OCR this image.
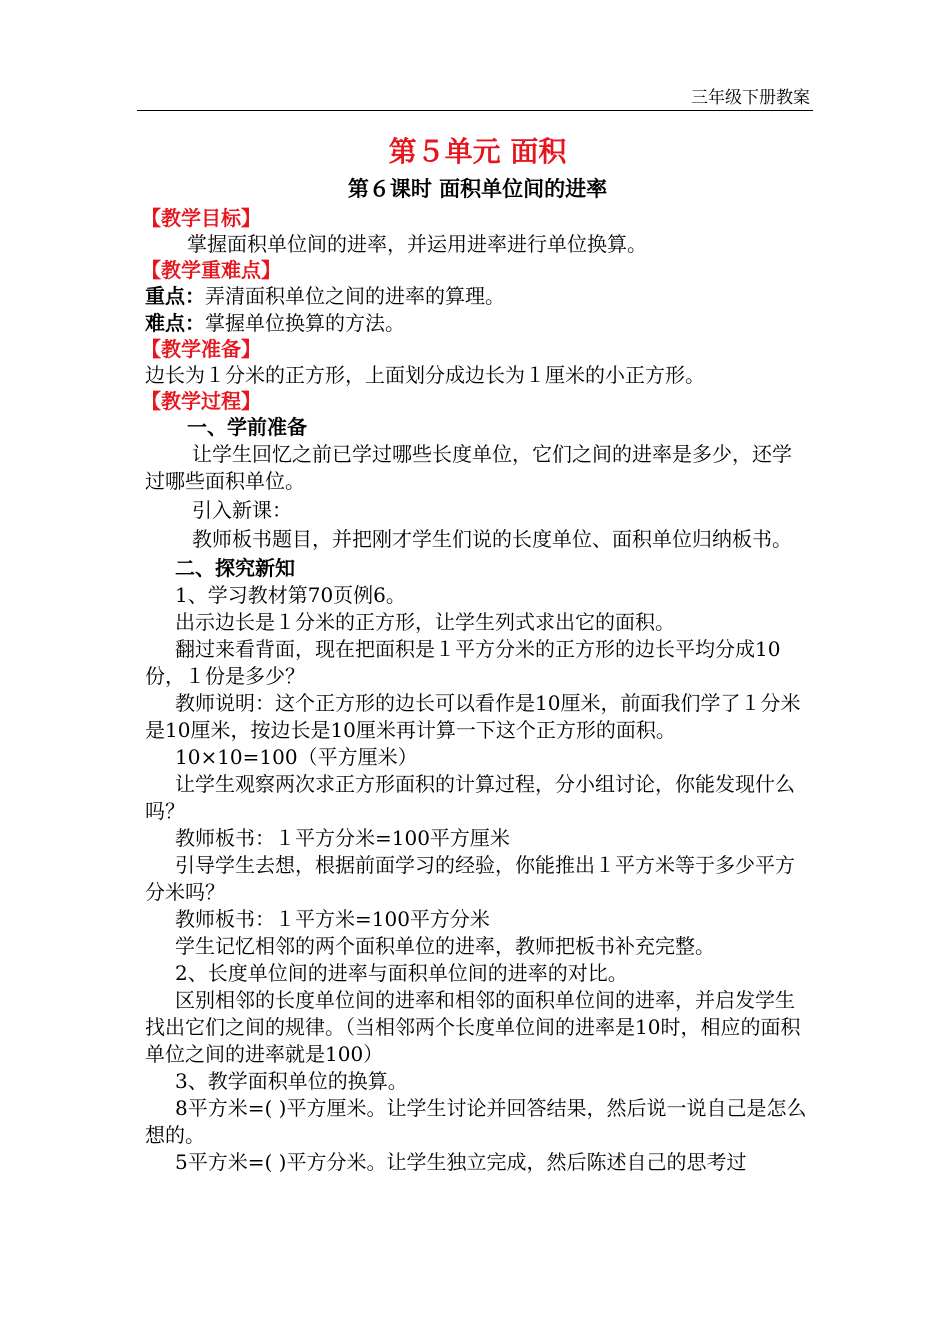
三年级下册教案

第５单元 面积

第６课时 面积单位间的进率

【教学目标】

掌握面积单位间的进率，并运用进率进行单位换算。

【教学重难点】

重点：弄清面积单位之间的进率的算理。

难点：掌握单位换算的方法。

【教学准备】

边长为１分米的正方形，上面划分成边长为１厘米的小正方形。

【教学过程】

一、学前准备

让学生回忆之前已学过哪些长度单位，它们之间的进率是多少，还学过哪些面积单位。

引入新课：

教师板书题目，并把刚才学生们说的长度单位、面积单位归纳板书。

二、探究新知

1、学习教材第70页例6。

出示边长是１分米的正方形，让学生列式求出它的面积。

翻过来看背面，现在把面积是１平方分米的正方形的边长平均分成10份，１份是多少？

教师说明：这个正方形的边长可以看作是10厘米，前面我们学了１分米是10厘米，按边长是10厘米再计算一下这个正方形的面积。

10×10=100（平方厘米）

让学生观察两次求正方形面积的计算过程，分小组讨论，你能发现什么吗？

教师板书：１平方分米=100平方厘米

引导学生去想，根据前面学习的经验，你能推出１平方米等于多少平方分米吗？

教师板书：１平方米=100平方分米

学生记忆相邻的两个面积单位的进率，教师把板书补充完整。

2、长度单位间的进率与面积单位间的进率的对比。

区别相邻的长度单位间的进率和相邻的面积单位间的进率，并启发学生找出它们之间的规律。（当相邻两个长度单位间的进率是10时，相应的面积单位之间的进率就是100）

3、教学面积单位的换算。

8平方米=( )平方厘米。让学生讨论并回答结果，然后说一说自己是怎么想的。

5平方米=( )平方分米。让学生独立完成，然后陈述自己的思考过
